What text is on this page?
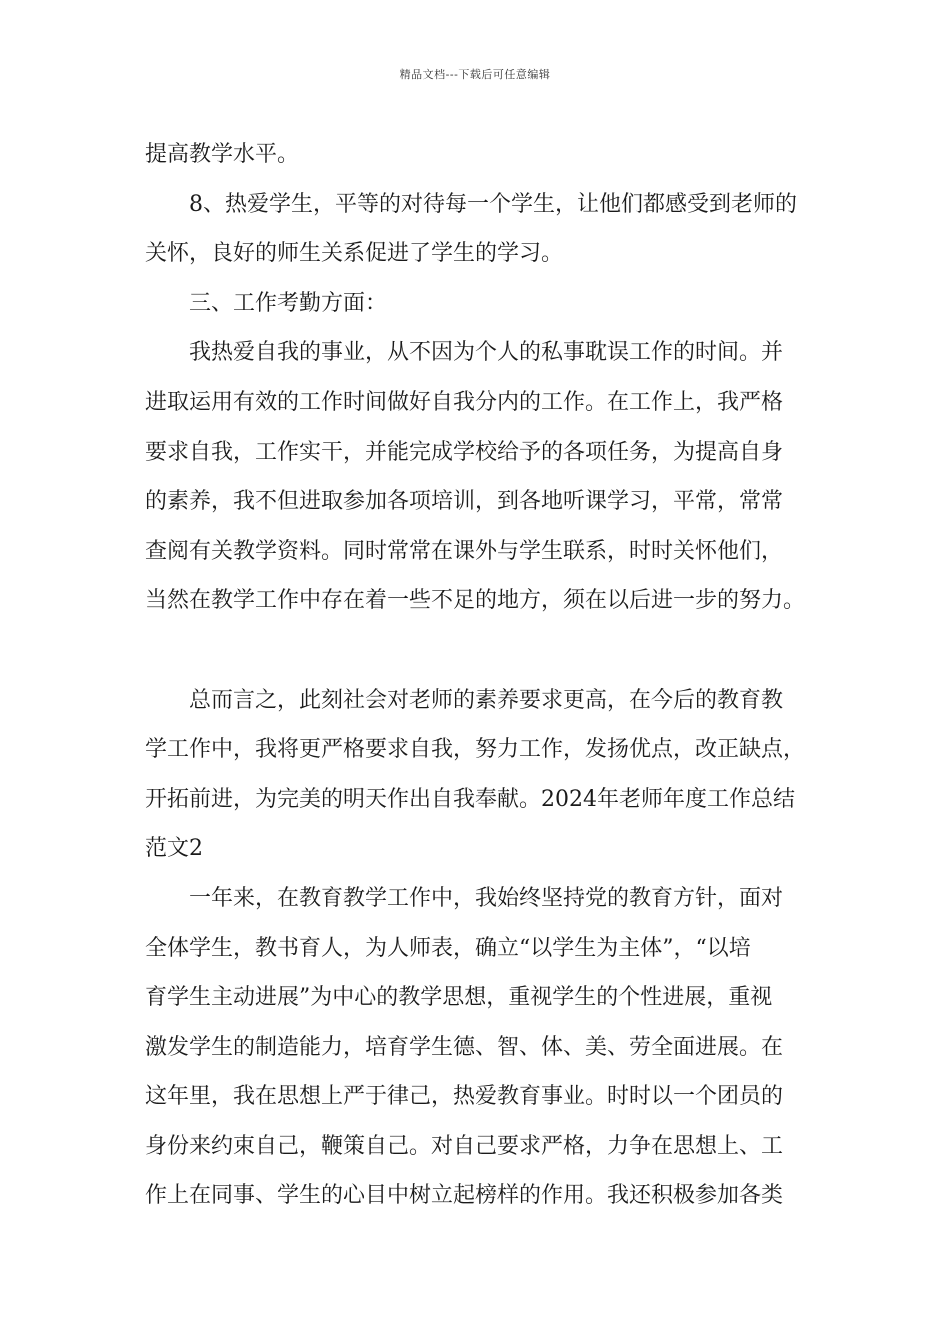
精品文档---下载后可任意编辑

提高教学水平。

　　8、热爱学生，平等的对待每一个学生，让他们都感受到老师的

关怀，良好的师生关系促进了学生的学习。

　　三、工作考勤方面：

　　我热爱自我的事业，从不因为个人的私事耽误工作的时间。并

进取运用有效的工作时间做好自我分内的工作。在工作上，我严格

要求自我，工作实干，并能完成学校给予的各项任务，为提高自身

的素养，我不但进取参加各项培训，到各地听课学习，平常，常常

查阅有关教学资料。同时常常在课外与学生联系，时时关怀他们，

当然在教学工作中存在着一些不足的地方，须在以后进一步的努力。

　　总而言之，此刻社会对老师的素养要求更高，在今后的教育教

学工作中，我将更严格要求自我，努力工作，发扬优点，改正缺点，

开拓前进，为完美的明天作出自我奉献。2024年老师年度工作总结

范文2

　　一年来，在教育教学工作中，我始终坚持党的教育方针，面对

全体学生，教书育人，为人师表，确立“以学生为主体”，“以培

育学生主动进展”为中心的教学思想，重视学生的个性进展，重视

激发学生的制造能力，培育学生德、智、体、美、劳全面进展。在

这年里，我在思想上严于律己，热爱教育事业。时时以一个团员的

身份来约束自己，鞭策自己。对自己要求严格，力争在思想上、工

作上在同事、学生的心目中树立起榜样的作用。我还积极参加各类
